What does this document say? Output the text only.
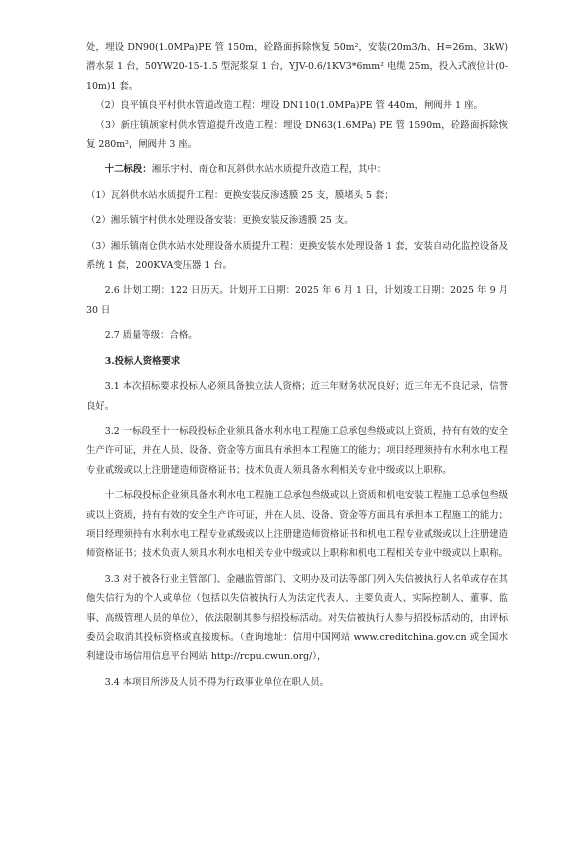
处，埋设 DN90(1.0MPa)PE 管 150m，砼路面拆除恢复 50m²，安装(20m3/h、H=26m、3kW) 潜水泵 1 台，50YW20-15-1.5 型泥浆泵 1 台，YJV-0.6/1KV3*6mm² 电缆 25m，投入式液位计(0-10m)1 套。

（2）良平镇良平村供水管道改造工程：埋设 DN110(1.0MPa)PE 管 440m，闸阀井 1 座。

（3）新庄镇颉家村供水管道提升改造工程：埋设 DN63(1.6MPa) PE 管 1590m，砼路面拆除恢复 280m²，闸阀井 3 座。

十二标段：湘乐宇村、南仓和瓦斜供水站水质提升改造工程，其中：

（1）瓦斜供水站水质提升工程：更换安装反渗透膜 25 支，膜堵头 5 套；

（2）湘乐镇宇村供水处理设备安装：更换安装反渗透膜 25 支。

（3）湘乐镇南仓供水站水处理设备水质提升工程：更换安装水处理设备 1 套，安装自动化监控设备及系统 1 套，200KVA变压器 1 台。

2.6 计划工期：122 日历天。计划开工日期：2025 年 6 月 1 日，计划竣工日期：2025 年 9 月 30 日

2.7 质量等级：合格。

3.投标人资格要求

3.1 本次招标要求投标人必须具备独立法人资格；近三年财务状况良好；近三年无不良记录，信誉良好。

3.2 一标段至十一标段投标企业须具备水利水电工程施工总承包叁级或以上资质，持有有效的安全生产许可证，并在人员、设备、资金等方面具有承担本工程施工的能力；项目经理须持有水利水电工程专业贰级或以上注册建造师资格证书；技术负责人须具备水利相关专业中级或以上职称。

十二标段投标企业须具备水利水电工程施工总承包叁级或以上资质和机电安装工程施工总承包叁级或以上资质，持有有效的安全生产许可证，并在人员、设备、资金等方面具有承担本工程施工的能力；项目经理须持有水利水电工程专业贰级或以上注册建造师资格证书和机电工程专业贰级或以上注册建造师资格证书；技术负责人须具水利水电相关专业中级或以上职称和机电工程相关专业中级或以上职称。

3.3 对于被各行业主管部门、金融监管部门、文明办及司法等部门列入失信被执行人名单或存在其他失信行为的个人或单位（包括以失信被执行人为法定代表人、主要负责人、实际控制人、董事、监事、高级管理人员的单位），依法限制其参与招投标活动。对失信被执行人参与招投标活动的，由评标委员会取消其投标资格或直接废标。（查询地址：信用中国网站 www.creditchina.gov.cn 或全国水利建设市场信用信息平台网站 http://rcpu.cwun.org/），

3.4 本项目所涉及人员不得为行政事业单位在职人员。
